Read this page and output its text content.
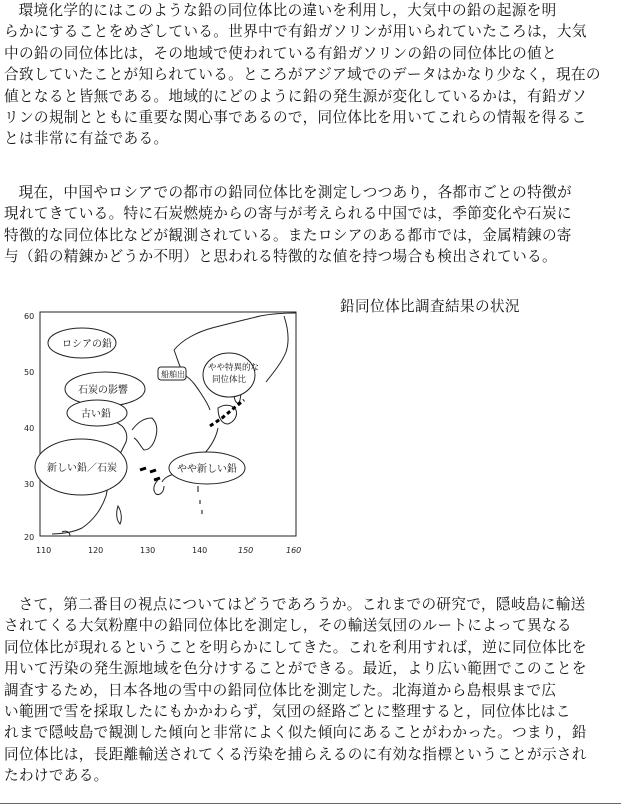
環境化学的にはこのような鉛の同位体比の違いを利用し，大気中の鉛の起源を明
らかにすることをめざしている。世界中で有鉛ガソリンが用いられていたころは，大気
中の鉛の同位体比は，その地域で使われている有鉛ガソリンの鉛の同位体比の値と
合致していたことが知られている。ところがアジア域でのデータはかなり少なく，現在の
値となると皆無である。地域的にどのように鉛の発生源が変化しているかは，有鉛ガソ
リンの規制とともに重要な関心事であるので，同位体比を用いてこれらの情報を得るこ
とは非常に有益である。
現在，中国やロシアでの都市の鉛同位体比を測定しつつあり，各都市ごとの特徴が
現れてきている。特に石炭燃焼からの寄与が考えられる中国では，季節変化や石炭に
特徴的な同位体比などが観測されている。またロシアのある都市では，金属精錬の寄
与（鉛の精錬かどうか不明）と思われる特徴的な値を持つ場合も検出されている。
鉛同位体比調査結果の状況
60
50
40
30
20
110	120	130	140	150	160
ロシアの鉛
石炭の影響
古い鉛
新しい鉛／石炭	やや新しい鉛
やや特異的な
同位体比
船舶出
さて，第二番目の視点についてはどうであろうか。これまでの研究で，隠岐島に輸送
されてくる大気粉塵中の鉛同位体比を測定し，その輸送気団のルートによって異なる
同位体比が現れるということを明らかにしてきた。これを利用すれば，逆に同位体比を
用いて汚染の発生源地域を色分けすることができる。最近，より広い範囲でこのことを
調査するため，日本各地の雪中の鉛同位体比を測定した。北海道から島根県まで広
い範囲で雪を採取したにもかかわらず，気団の経路ごとに整理すると，同位体比はこ
れまで隠岐島で観測した傾向と非常によく似た傾向にあることがわかった。つまり，鉛
同位体比は，長距離輸送されてくる汚染を捕らえるのに有効な指標ということが示され
たわけである。
